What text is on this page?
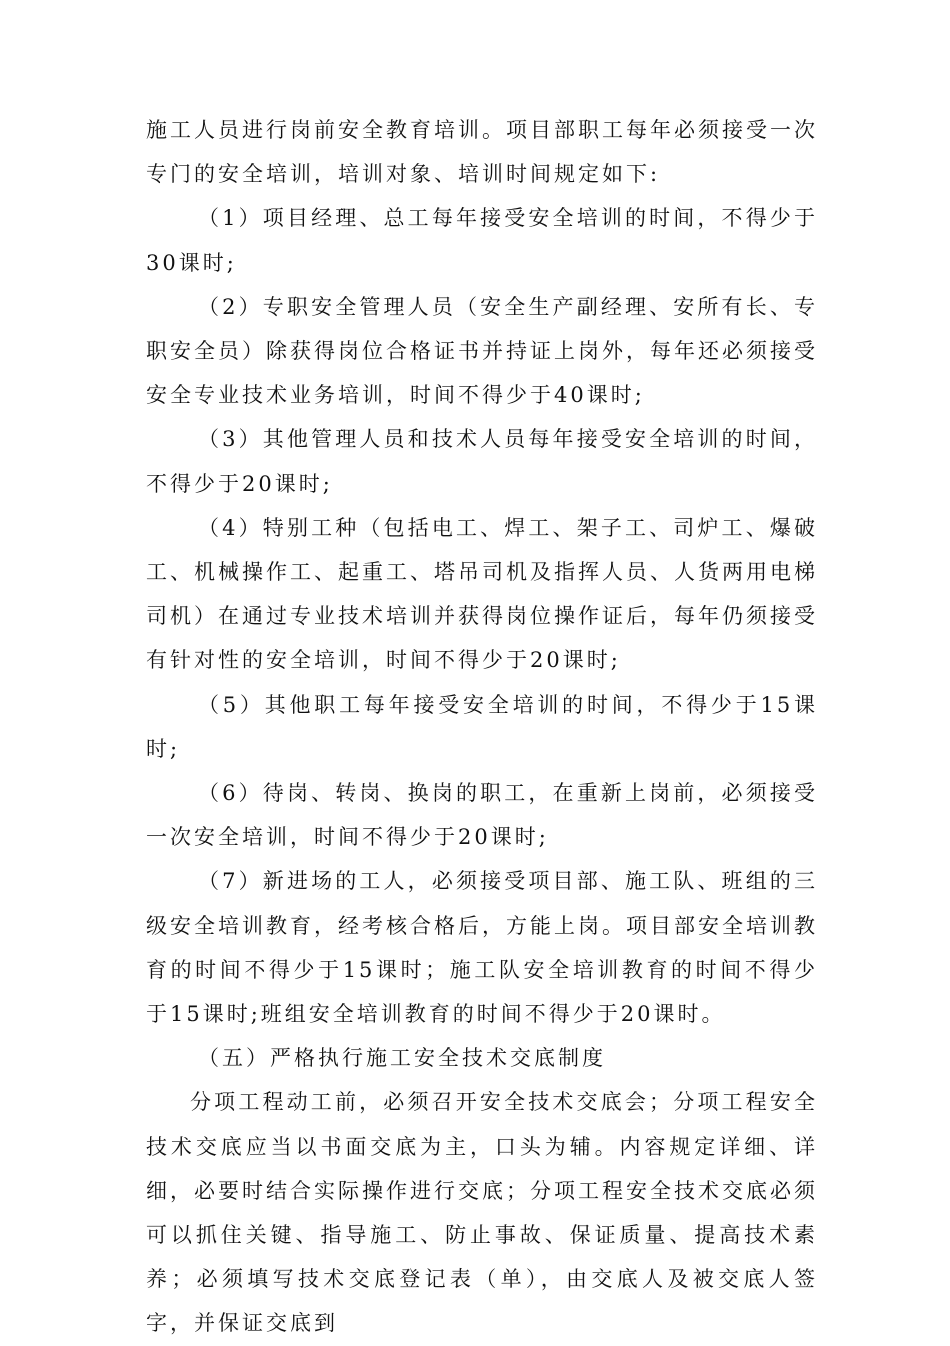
施工人员进行岗前安全教育培训。项目部职工每年必须接受一次专门的安全培训，培训对象、培训时间规定如下:

（1）项目经理、总工每年接受安全培训的时间，不得少于30课时;

（2）专职安全管理人员（安全生产副经理、安所有长、专职安全员）除获得岗位合格证书并持证上岗外，每年还必须接受安全专业技术业务培训，时间不得少于40课时;

（3）其他管理人员和技术人员每年接受安全培训的时间，不得少于20课时;

（4）特别工种（包括电工、焊工、架子工、司炉工、爆破工、机械操作工、起重工、塔吊司机及指挥人员、人货两用电梯司机）在通过专业技术培训并获得岗位操作证后，每年仍须接受有针对性的安全培训，时间不得少于20课时;

（5）其他职工每年接受安全培训的时间，不得少于15课时;

（6）待岗、转岗、换岗的职工，在重新上岗前，必须接受一次安全培训，时间不得少于20课时;

（7）新进场的工人，必须接受项目部、施工队、班组的三级安全培训教育，经考核合格后，方能上岗。项目部安全培训教育的时间不得少于15课时；施工队安全培训教育的时间不得少于15课时;班组安全培训教育的时间不得少于20课时。

（五）严格执行施工安全技术交底制度

分项工程动工前，必须召开安全技术交底会；分项工程安全技术交底应当以书面交底为主，口头为辅。内容规定详细、详细，必要时结合实际操作进行交底；分项工程安全技术交底必须可以抓住关键、指导施工、防止事故、保证质量、提高技术素养；必须填写技术交底登记表（单），由交底人及被交底人签字，并保证交底到
